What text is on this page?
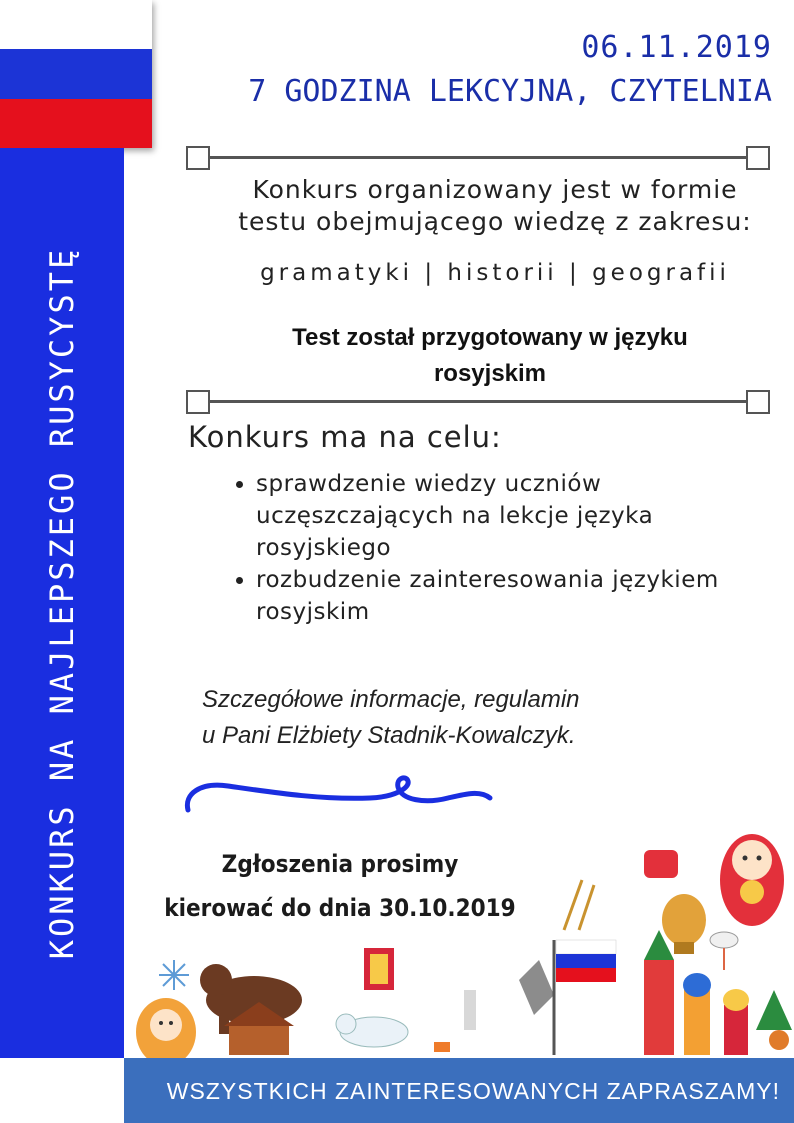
KONKURS NA NAJLEPSZEGO RUSYCYSTĘ
06.11.2019
7 GODZINA LEKCYJNA, CZYTELNIA
Konkurs organizowany jest w formie
testu obejmującego wiedzę z zakresu:
gramatyki | historii | geografii
Test został przygotowany w języku
rosyjskim
Konkurs ma na celu:
• sprawdzenie wiedzy uczniów uczęszczających na lekcje języka rosyjskiego
• rozbudzenie zainteresowania językiem rosyjskim
Szczegółowe informacje, regulamin
u Pani Elżbiety Stadnik-Kowalczyk.
Zgłoszenia prosimy
kierować do dnia 30.10.2019
WSZYSTKICH ZAINTERESOWANYCH ZAPRASZAMY!
